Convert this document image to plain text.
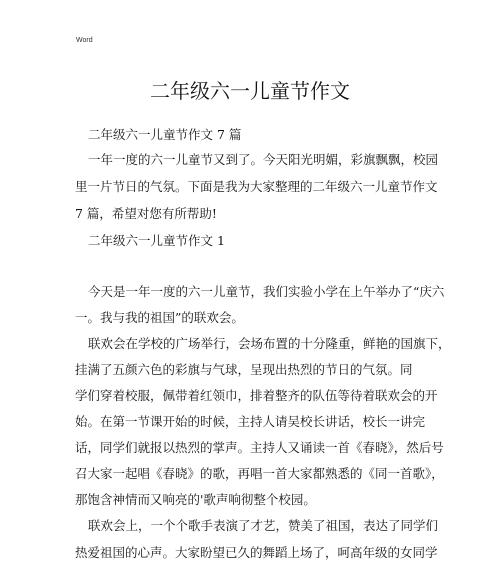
Word
二年级六一儿童节作文
二年级六一儿童节作文 7 篇
一年一度的六一儿童节又到了。今天阳光明媚，彩旗飘飘，校园
里一片节日的气氛。下面是我为大家整理的二年级六一儿童节作文
7 篇，希望对您有所帮助!
二年级六一儿童节作文 1
今天是一年一度的六一儿童节，我们实验小学在上午举办了“庆六
一。我与我的祖国”的联欢会。
联欢会在学校的广场举行，会场布置的十分隆重，鲜艳的国旗下，
挂满了五颜六色的彩旗与气球，呈现出热烈的节日的气氛。同
学们穿着校服，佩带着红领巾，排着整齐的队伍等待着联欢会的开
始。在第一节课开始的时候，主持人请吴校长讲话，校长一讲完
话，同学们就报以热烈的掌声。主持人又诵读一首《春晓》，然后号
召大家一起唱《春晓》的歌，再唱一首大家都熟悉的《同一首歌》，
那饱含神情而又响亮的'歌声响彻整个校园。
联欢会上，一个个歌手表演了才艺，赞美了祖国，表达了同学们
热爱祖国的心声。大家盼望已久的舞蹈上场了，呵高年级的女同学
